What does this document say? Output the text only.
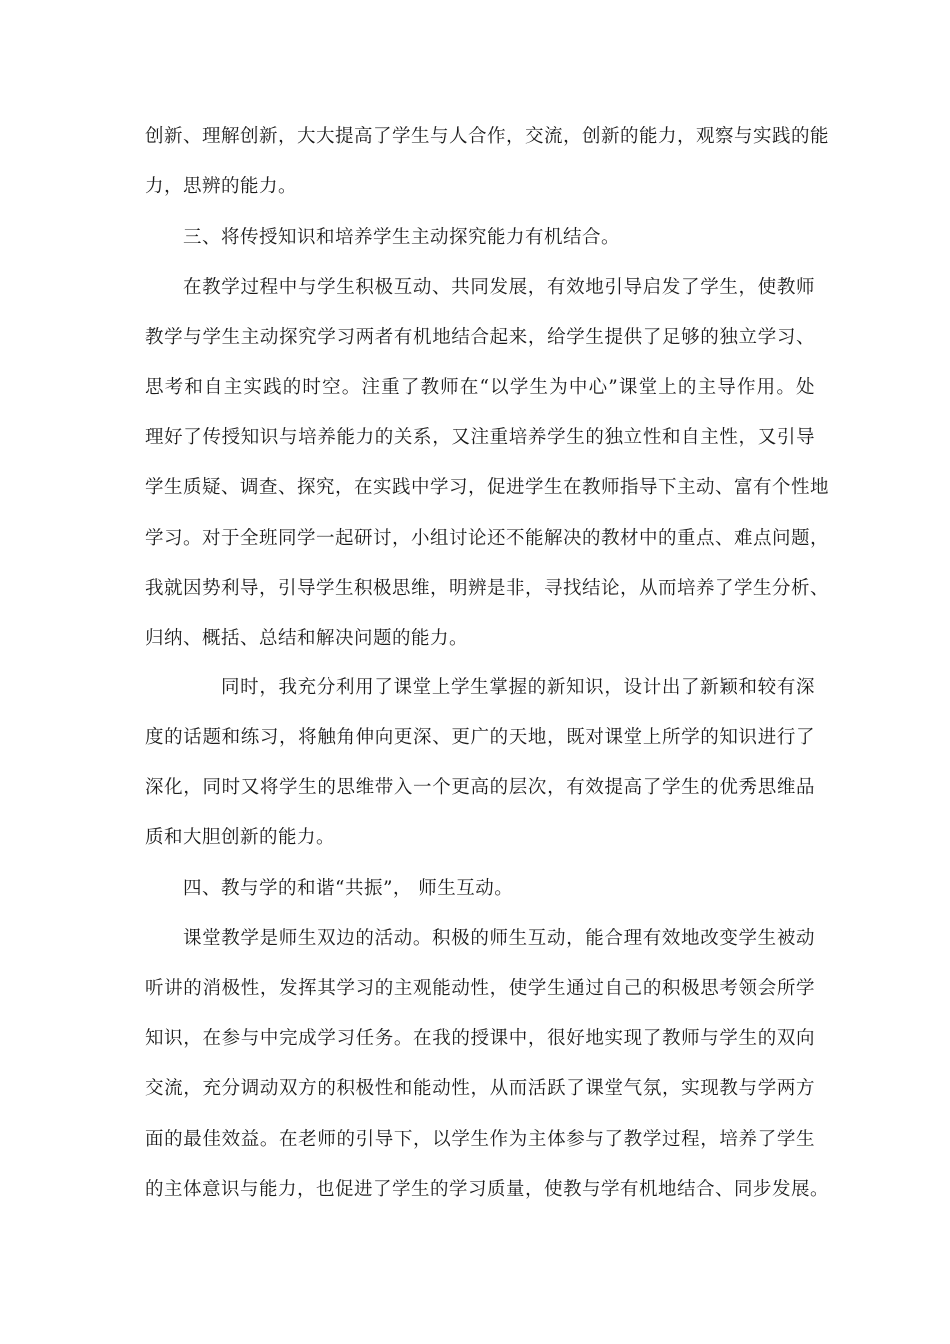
创新、理解创新，大大提高了学生与人合作，交流，创新的能力，观察与实践的能

力，思辨的能力。

三、将传授知识和培养学生主动探究能力有机结合。

在教学过程中与学生积极互动、共同发展，有效地引导启发了学生，使教师

教学与学生主动探究学习两者有机地结合起来，给学生提供了足够的独立学习、

思考和自主实践的时空。注重了教师在“以学生为中心”课堂上的主导作用。处

理好了传授知识与培养能力的关系，又注重培养学生的独立性和自主性，又引导

学生质疑、调查、探究，在实践中学习，促进学生在教师指导下主动、富有个性地

学习。对于全班同学一起研讨，小组讨论还不能解决的教材中的重点、难点问题，

我就因势利导，引导学生积极思维，明辨是非，寻找结论，从而培养了学生分析、

归纳、概括、总结和解决问题的能力。

同时，我充分利用了课堂上学生掌握的新知识，设计出了新颖和较有深

度的话题和练习，将触角伸向更深、更广的天地，既对课堂上所学的知识进行了

深化，同时又将学生的思维带入一个更高的层次，有效提高了学生的优秀思维品

质和大胆创新的能力。

四、教与学的和谐“共振”， 师生互动。

课堂教学是师生双边的活动。积极的师生互动，能合理有效地改变学生被动

听讲的消极性，发挥其学习的主观能动性，使学生通过自己的积极思考领会所学

知识，在参与中完成学习任务。在我的授课中，很好地实现了教师与学生的双向

交流，充分调动双方的积极性和能动性，从而活跃了课堂气氛，实现教与学两方

面的最佳效益。在老师的引导下，以学生作为主体参与了教学过程，培养了学生

的主体意识与能力，也促进了学生的学习质量，使教与学有机地结合、同步发展。
